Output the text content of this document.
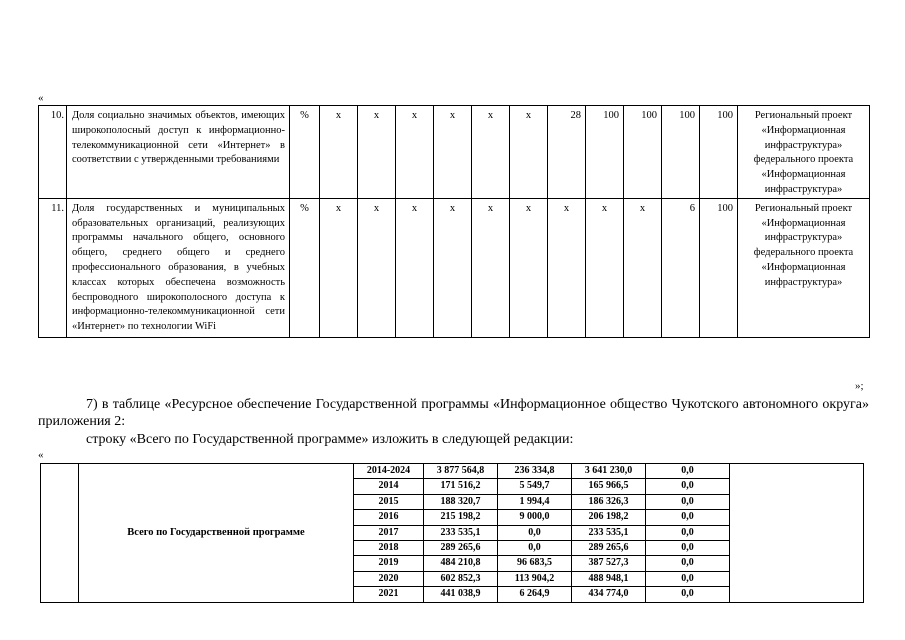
«
10.	Доля социально значимых объектов, имеющих широкополосный доступ к информационно-телекоммуникационной сети «Интернет» в соответствии с утвержденными требованиями	%	x	x	x	x	x	x	28	100	100	100	100	Региональный проект «Информационная инфраструктура» федерального проекта «Информационная инфраструктура»
11.	Доля государственных и муниципальных образовательных организаций, реализующих программы начального общего, основного общего, среднего общего и среднего профессионального образования, в учебных классах которых обеспечена возможность беспроводного широкополосного доступа к информационно-телекоммуникационной сети «Интернет» по технологии WiFi	%	x	x	x	x	x	x	x	x	x	6	100	Региональный проект «Информационная инфраструктура» федерального проекта «Информационная инфраструктура»
»;
7) в таблице «Ресурсное обеспечение Государственной программы «Информационное общество Чукотского автономного округа» приложения 2:
строку «Всего по Государственной программе» изложить в следующей редакции:
«
	Всего по Государственной программе	2014-2024	3 877 564,8	236 334,8	3 641 230,0	0,0	
		2014	171 516,2	5 549,7	165 966,5	0,0	
		2015	188 320,7	1 994,4	186 326,3	0,0	
		2016	215 198,2	9 000,0	206 198,2	0,0	
		2017	233 535,1	0,0	233 535,1	0,0	
		2018	289 265,6	0,0	289 265,6	0,0	
		2019	484 210,8	96 683,5	387 527,3	0,0	
		2020	602 852,3	113 904,2	488 948,1	0,0	
		2021	441 038,9	6 264,9	434 774,0	0,0	
